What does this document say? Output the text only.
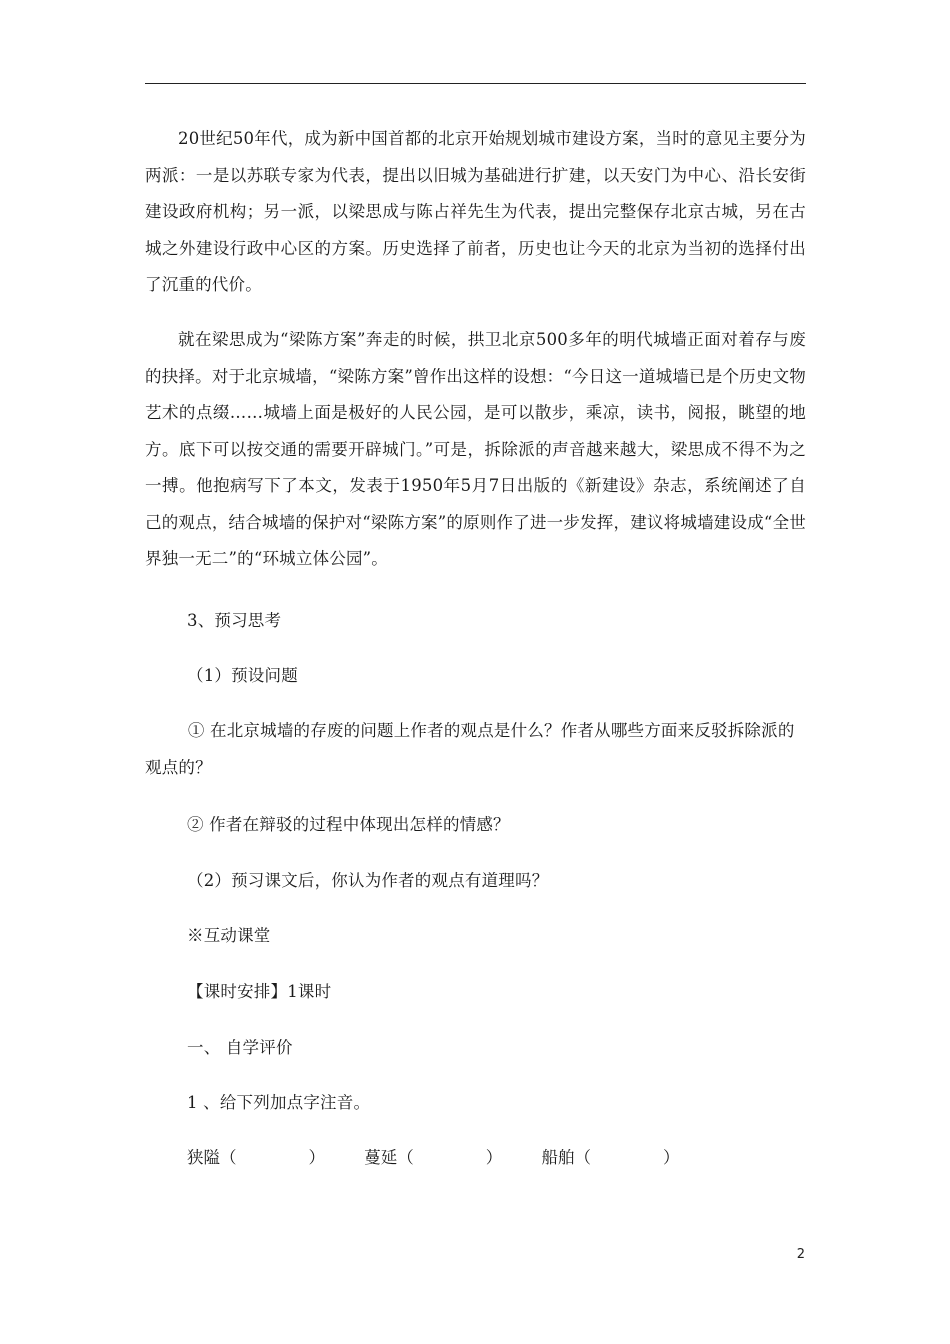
20世纪50年代，成为新中国首都的北京开始规划城市建设方案，当时的意见主要分为两派：一是以苏联专家为代表，提出以旧城为基础进行扩建，以天安门为中心、沿长安街建设政府机构；另一派，以梁思成与陈占祥先生为代表，提出完整保存北京古城，另在古城之外建设行政中心区的方案。历史选择了前者，历史也让今天的北京为当初的选择付出了沉重的代价。

就在梁思成为“梁陈方案”奔走的时候，拱卫北京500多年的明代城墙正面对着存与废的抉择。对于北京城墙，“梁陈方案”曾作出这样的设想：“今日这一道城墙已是个历史文物艺术的点缀……城墙上面是极好的人民公园，是可以散步，乘凉，读书，阅报，眺望的地方。底下可以按交通的需要开辟城门。”可是，拆除派的声音越来越大，梁思成不得不为之一搏。他抱病写下了本文，发表于1950年5月7日出版的《新建设》杂志，系统阐述了自己的观点，结合城墙的保护对“梁陈方案”的原则作了进一步发挥，建议将城墙建设成“全世界独一无二”的“环城立体公园”。

3、预习思考

（1）预设问题

① 在北京城墙的存废的问题上作者的观点是什么？作者从哪些方面来反驳拆除派的观点的？

② 作者在辩驳的过程中体现出怎样的情感？

（2）预习课文后，你认为作者的观点有道理吗？

※互动课堂

【课时安排】1课时

一、 自学评价

1 、给下列加点字注音。

狭隘（	） 蔓延（	） 船舶（	）
2
